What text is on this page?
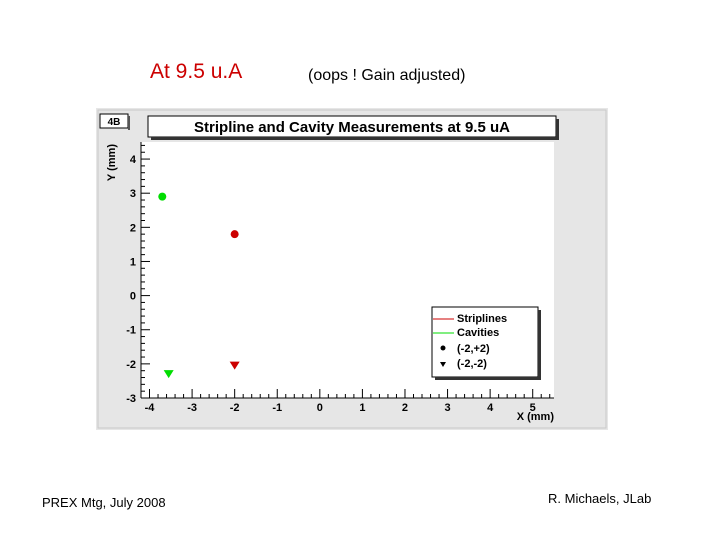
At 9.5 u.A	(oops ! Gain adjusted)
4B	Stripline and Cavity Measurements at 9.5 uA
-4	-3	-2	-1	0	1	2	3	4	5
-3
-2
-1
0
1
2
3
4
X (mm)
Y (mm)
Striplines
Cavities
(-2,+2)
(-2,-2)
PREX Mtg, July 2008	R. Michaels, JLab
